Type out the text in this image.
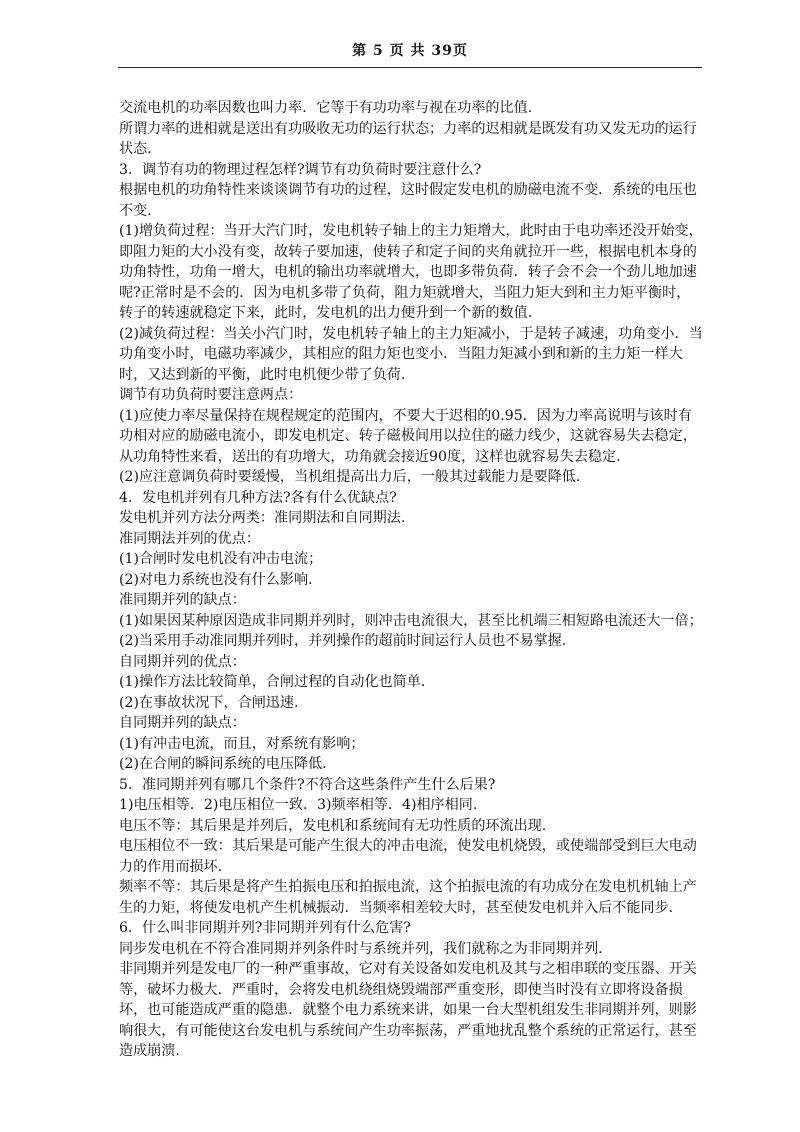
第 5 页 共 39页

交流电机的功率因数也叫力率．它等于有功功率与视在功率的比值.

所谓力率的进相就是送出有功吸收无功的运行状态；力率的迟相就是既发有功又发无功的运行状态.

3．调节有功的物理过程怎样?调节有功负荷时要注意什么?

根据电机的功角特性来谈谈调节有功的过程，这时假定发电机的励磁电流不变．系统的电压也不变.

(1)增负荷过程：当开大汽门时，发电机转子轴上的主力矩增大，此时由于电功率还没开始变，即阻力矩的大小没有变，故转子要加速，使转子和定子间的夹角就拉开一些，根据电机本身的功角特性，功角一增大，电机的输出功率就增大，也即多带负荷．转子会不会一个劲儿地加速呢?正常时是不会的．因为电机多带了负荷，阻力矩就增大，当阻力矩大到和主力矩平衡时，转子的转速就稳定下来，此时，发电机的出力便升到一个新的数值.

(2)减负荷过程：当关小汽门时，发电机转子轴上的主力矩减小，于是转子减速，功角变小．当功角变小时，电磁功率减少，其相应的阻力矩也变小．当阻力矩减小到和新的主力矩一样大时，又达到新的平衡，此时电机便少带了负荷.

调节有功负荷时要注意两点：

(1)应使力率尽量保持在规程规定的范围内，不要大于迟相的0.95．因为力率高说明与该时有功相对应的励磁电流小，即发电机定、转子磁极间用以拉住的磁力线少，这就容易失去稳定，从功角特性来看，送出的有功增大，功角就会接近90度，这样也就容易失去稳定.

(2)应注意调负荷时要缓慢，当机组提高出力后，一般其过载能力是要降低.

4．发电机并列有几种方法?各有什么优缺点?

发电机并列方法分两类：准同期法和自同期法.

准同期法并列的优点：

(1)合闸时发电机没有冲击电流；

(2)对电力系统也没有什么影响.

准同期并列的缺点：

(1)如果因某种原因造成非同期并列时，则冲击电流很大，甚至比机端三相短路电流还大一倍；

(2)当采用手动准同期并列时，并列操作的超前时间运行人员也不易掌握.

自同期并列的优点：

(1)操作方法比较简单，合闸过程的自动化也简单.

(2)在事故状况下，合闸迅速.

自同期并列的缺点：

(1)有冲击电流，而且，对系统有影响；

(2)在合闸的瞬间系统的电压降低.

5．准同期并列有哪几个条件?不符合这些条件产生什么后果?

1)电压相等．2)电压相位一致．3)频率相等．4)相序相同.

电压不等：其后果是并列后，发电机和系统间有无功性质的环流出现.

电压相位不一致：其后果是可能产生很大的冲击电流，使发电机烧毁，或使端部受到巨大电动力的作用而损坏.

频率不等：其后果是将产生拍振电压和拍振电流，这个拍振电流的有功成分在发电机机轴上产生的力矩，将使发电机产生机械振动．当频率相差较大时，甚至使发电机并入后不能同步.

6．什么叫非同期并列?非同期并列有什么危害?

同步发电机在不符合准同期并列条件时与系统并列，我们就称之为非同期并列.

非同期并列是发电厂的一种严重事故，它对有关设备如发电机及其与之相串联的变压器、开关等，破坏力极大．严重时，会将发电机绕组烧毁端部严重变形，即使当时没有立即将设备损坏，也可能造成严重的隐患．就整个电力系统来讲，如果一台大型机组发生非同期并列，则影响很大，有可能使这台发电机与系统间产生功率振荡，严重地扰乱整个系统的正常运行，甚至造成崩溃.
